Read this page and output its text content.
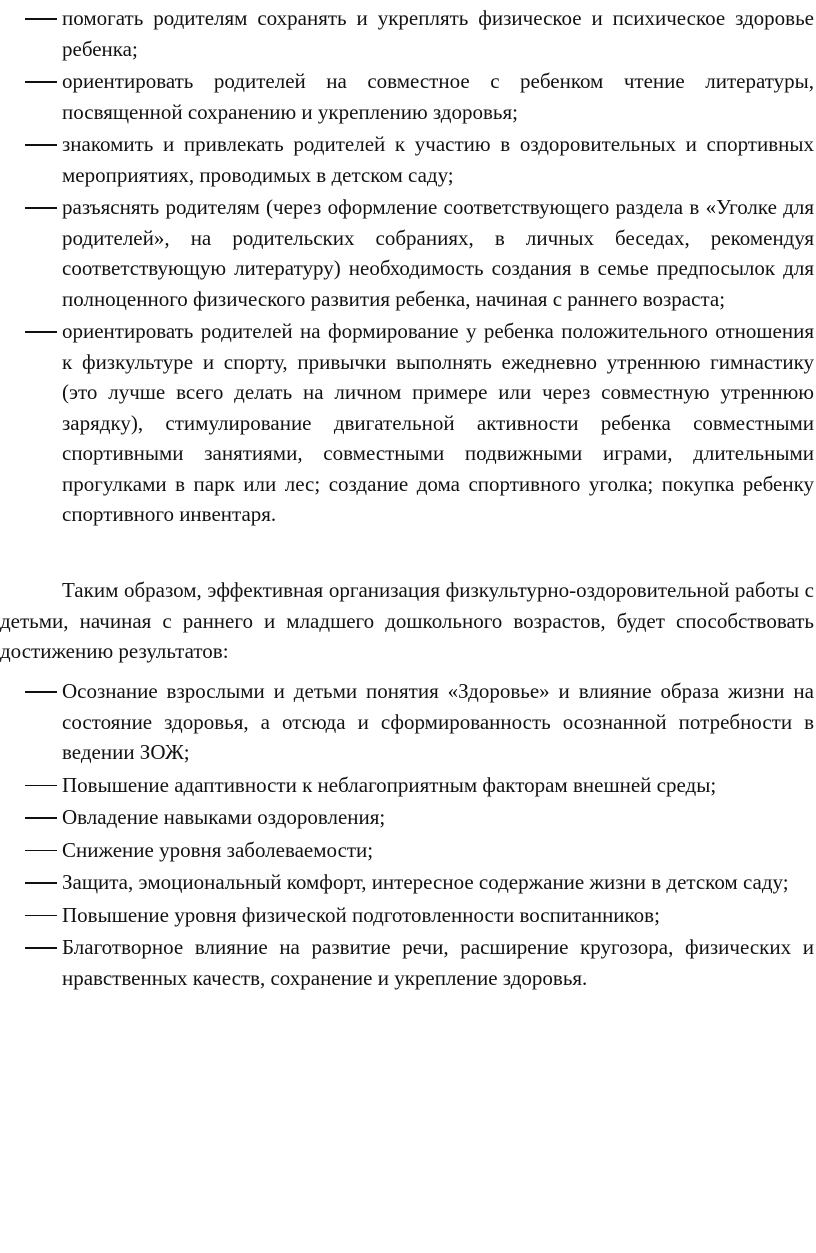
помогать родителям сохранять и укреплять физическое и психическое здоровье ребенка;
ориентировать родителей на совместное с ребенком чтение литературы, посвященной сохранению и укреплению здоровья;
знакомить и привлекать родителей к участию в оздоровительных и спортивных мероприятиях, проводимых в детском саду;
разъяснять родителям (через оформление соответствующего раздела в «Уголке для родителей», на родительских собраниях, в личных беседах, рекомендуя соответствующую литературу) необходимость создания в семье предпосылок для полноценного физического развития ребенка, начиная с раннего возраста;
ориентировать родителей на формирование у ребенка положительного отношения к физкультуре и спорту, привычки выполнять ежедневно утреннюю гимнастику (это лучше всего делать на личном примере или через совместную утреннюю зарядку), стимулирование двигательной активности ребенка совместными спортивными занятиями, совместными подвижными играми, длительными прогулками в парк или лес; создание дома спортивного уголка; покупка ребенку спортивного инвентаря.

Таким образом, эффективная организация физкультурно-оздоровительной работы с детьми, начиная с раннего и младшего дошкольного возрастов, будет способствовать достижению результатов:

Осознание взрослыми и детьми понятия «Здоровье» и влияние образа жизни на состояние здоровья, а отсюда и сформированность осознанной потребности в ведении ЗОЖ;
Повышение адаптивности к неблагоприятным факторам внешней среды;
Овладение навыками оздоровления;
Снижение уровня заболеваемости;
Защита, эмоциональный комфорт, интересное содержание жизни в детском саду;
Повышение уровня физической подготовленности воспитанников;
Благотворное влияние на развитие речи, расширение кругозора, физических и нравственных качеств, сохранение и укрепление здоровья.
